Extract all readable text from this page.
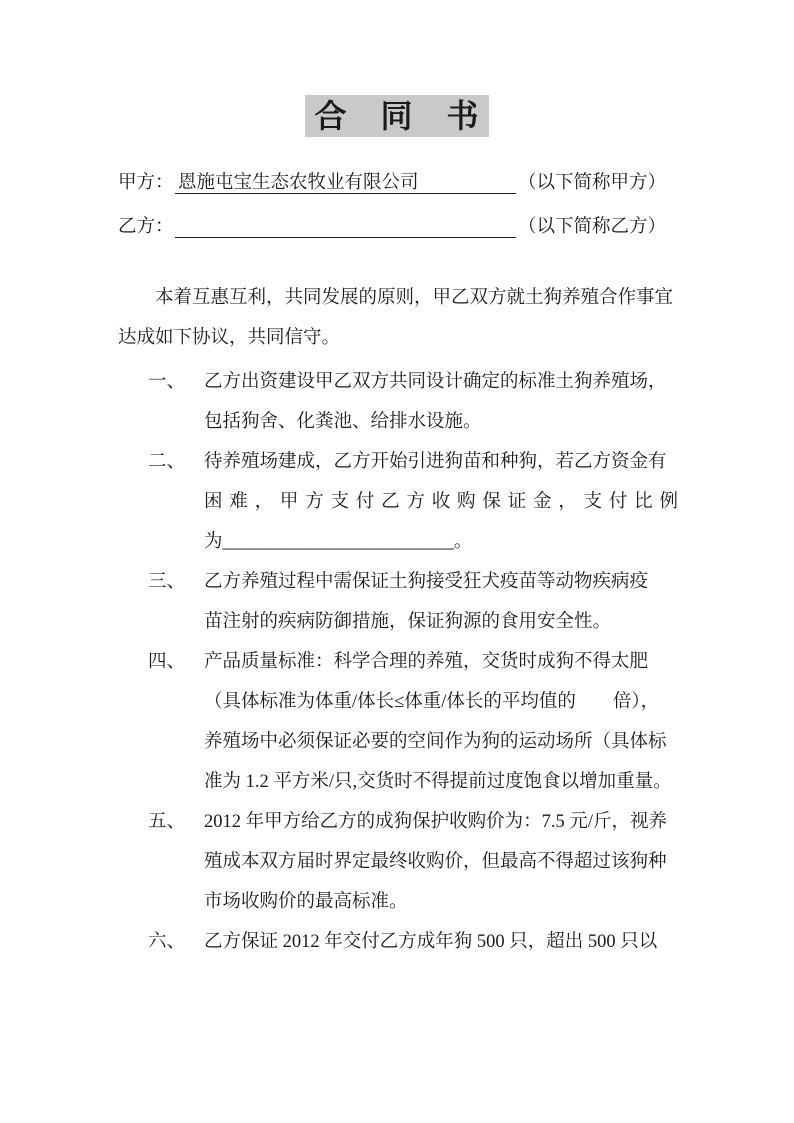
合　同　书
甲方： 恩施屯宝生态农牧业有限公司	（以下简称甲方）
乙方：	（以下简称乙方）
本着互惠互利，共同发展的原则，甲乙双方就土狗养殖合作事宜
达成如下协议，共同信守。
一、	乙方出资建设甲乙双方共同设计确定的标准土狗养殖场，
包括狗舍、化粪池、给排水设施。
二、	待养殖场建成，乙方开始引进狗苗和种狗，若乙方资金有
困难，甲方支付乙方收购保证金，支付比例
为_________________________。
三、	乙方养殖过程中需保证土狗接受狂犬疫苗等动物疾病疫
苗注射的疾病防御措施，保证狗源的食用安全性。
四、	产品质量标准：科学合理的养殖，交货时成狗不得太肥
（具体标准为体重/体长≤体重/体长的平均值的　　倍），
养殖场中必须保证必要的空间作为狗的运动场所（具体标
准为 1.2 平方米/只,交货时不得提前过度饱食以增加重量。
五、	2012 年甲方给乙方的成狗保护收购价为：7.5 元/斤，视养
殖成本双方届时界定最终收购价，但最高不得超过该狗种
市场收购价的最高标准。
六、	乙方保证 2012 年交付乙方成年狗 500 只，超出 500 只以
